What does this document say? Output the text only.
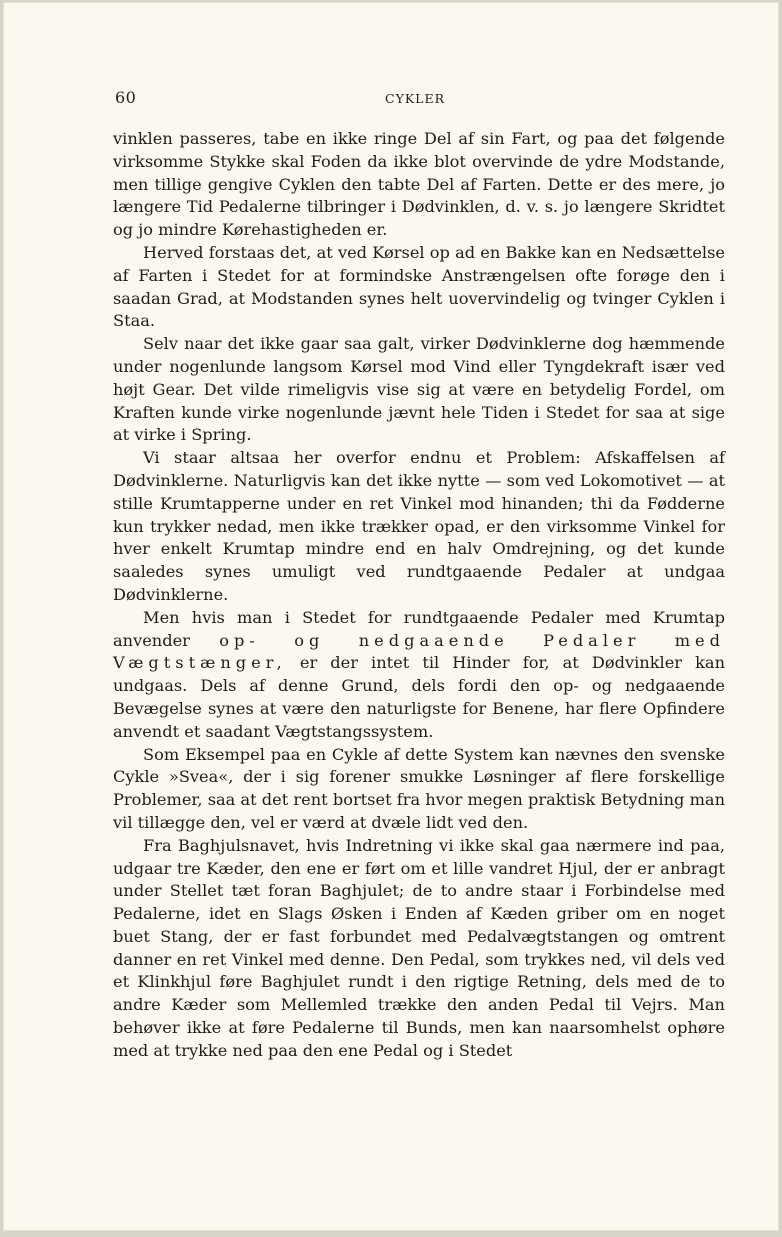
60	CYKLER

vinklen passeres, tabe en ikke ringe Del af sin Fart, og paa det følgende virksomme Stykke skal Foden da ikke blot overvinde de ydre Modstande, men tillige gengive Cyklen den tabte Del af Farten. Dette er des mere, jo længere Tid Pedalerne tilbringer i Dødvinklen, d. v. s. jo længere Skridtet og jo mindre Kørehastigheden er.

Herved forstaas det, at ved Kørsel op ad en Bakke kan en Nedsættelse af Farten i Stedet for at formindske Anstrængelsen ofte forøge den i saadan Grad, at Modstanden synes helt uovervindelig og tvinger Cyklen i Staa.

Selv naar det ikke gaar saa galt, virker Dødvinklerne dog hæmmende under nogenlunde langsom Kørsel mod Vind eller Tyngdekraft især ved højt Gear. Det vilde rimeligvis vise sig at være en betydelig Fordel, om Kraften kunde virke nogenlunde jævnt hele Tiden i Stedet for saa at sige at virke i Spring.

Vi staar altsaa her overfor endnu et Problem: Afskaffelsen af Dødvinklerne. Naturligvis kan det ikke nytte — som ved Lokomotivet — at stille Krumtapperne under en ret Vinkel mod hinanden; thi da Fødderne kun trykker nedad, men ikke trækker opad, er den virksomme Vinkel for hver enkelt Krumtap mindre end en halv Omdrejning, og det kunde saaledes synes umuligt ved rundtgaaende Pedaler at undgaa Dødvinklerne.

Men hvis man i Stedet for rundtgaaende Pedaler med Krumtap anvender op- og nedgaaende Pedaler med Vægtstænger, er der intet til Hinder for, at Dødvinkler kan undgaas. Dels af denne Grund, dels fordi den op- og nedgaaende Bevægelse synes at være den naturligste for Benene, har flere Opfindere anvendt et saadant Vægtstangssystem.

Som Eksempel paa en Cykle af dette System kan nævnes den svenske Cykle »Svea«, der i sig forener smukke Løsninger af flere forskellige Problemer, saa at det rent bortset fra hvor megen praktisk Betydning man vil tillægge den, vel er værd at dvæle lidt ved den.

Fra Baghjulsnavet, hvis Indretning vi ikke skal gaa nærmere ind paa, udgaar tre Kæder, den ene er ført om et lille vandret Hjul, der er anbragt under Stellet tæt foran Baghjulet; de to andre staar i Forbindelse med Pedalerne, idet en Slags Øsken i Enden af Kæden griber om en noget buet Stang, der er fast forbundet med Pedalvægtstangen og omtrent danner en ret Vinkel med denne. Den Pedal, som trykkes ned, vil dels ved et Klinkhjul føre Baghjulet rundt i den rigtige Retning, dels med de to andre Kæder som Mellemled trække den anden Pedal til Vejrs. Man behøver ikke at føre Pedalerne til Bunds, men kan naarsomhelst ophøre med at trykke ned paa den ene Pedal og i Stedet
